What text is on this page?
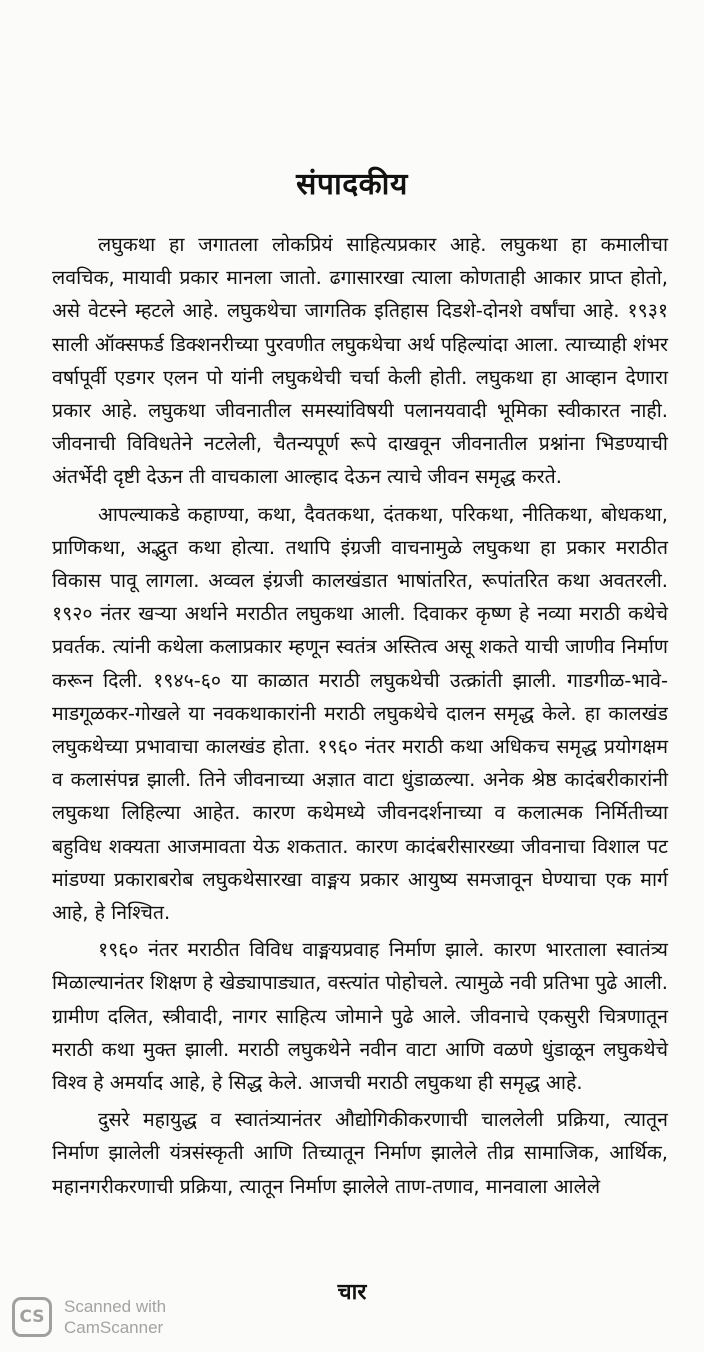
संपादकीय

लघुकथा हा जगातला लोकप्रियं साहित्यप्रकार आहे. लघुकथा हा कमालीचा लवचिक, मायावी प्रकार मानला जातो. ढगासारखा त्याला कोणताही आकार प्राप्त होतो, असे वेटस्ने म्हटले आहे. लघुकथेचा जागतिक इतिहास दिडशे-दोनशे वर्षांचा आहे. १९३१ साली ऑक्सफर्ड डिक्शनरीच्या पुरवणीत लघुकथेचा अर्थ पहिल्यांदा आला. त्याच्याही शंभर वर्षापूर्वी एडगर एलन पो यांनी लघुकथेची चर्चा केली होती. लघुकथा हा आव्हान देणारा प्रकार आहे. लघुकथा जीवनातील समस्यांविषयी पलानयवादी भूमिका स्वीकारत नाही. जीवनाची विविधतेने नटलेली, चैतन्यपूर्ण रूपे दाखवून जीवनातील प्रश्नांना भिडण्याची अंतर्भेदी दृष्टी देऊन ती वाचकाला आल्हाद देऊन त्याचे जीवन समृद्ध करते.

आपल्याकडे कहाण्या, कथा, दैवतकथा, दंतकथा, परिकथा, नीतिकथा, बोधकथा, प्राणिकथा, अद्भुत कथा होत्या. तथापि इंग्रजी वाचनामुळे लघुकथा हा प्रकार मराठीत विकास पावू लागला. अव्वल इंग्रजी कालखंडात भाषांतरित, रूपांतरित कथा अवतरली. १९२० नंतर खऱ्या अर्थाने मराठीत लघुकथा आली. दिवाकर कृष्ण हे नव्या मराठी कथेचे प्रवर्तक. त्यांनी कथेला कलाप्रकार म्हणून स्वतंत्र अस्तित्व असू शकते याची जाणीव निर्माण करून दिली. १९४५-६० या काळात मराठी लघुकथेची उत्क्रांती झाली. गाडगीळ-भावे-माडगूळकर-गोखले या नवकथाकारांनी मराठी लघुकथेचे दालन समृद्ध केले. हा कालखंड लघुकथेच्या प्रभावाचा कालखंड होता. १९६० नंतर मराठी कथा अधिकच समृद्ध प्रयोगक्षम व कलासंपन्न झाली. तिने जीवनाच्या अज्ञात वाटा धुंडाळल्या. अनेक श्रेष्ठ कादंबरीकारांनी लघुकथा लिहिल्या आहेत. कारण कथेमध्ये जीवनदर्शनाच्या व कलात्मक निर्मितीच्या बहुविध शक्यता आजमावता येऊ शकतात. कारण कादंबरीसारख्या जीवनाचा विशाल पट मांडण्या प्रकाराबरोब लघुकथेसारखा वाङ्मय प्रकार आयुष्य समजावून घेण्याचा एक मार्ग आहे, हे निश्चित.

१९६० नंतर मराठीत विविध वाङ्मयप्रवाह निर्माण झाले. कारण भारताला स्वातंत्र्य मिळाल्यानंतर शिक्षण हे खेड्यापाड्यात, वस्त्यांत पोहोचले. त्यामुळे नवी प्रतिभा पुढे आली. ग्रामीण दलित, स्त्रीवादी, नागर साहित्य जोमाने पुढे आले. जीवनाचे एकसुरी चित्रणातून मराठी कथा मुक्त झाली. मराठी लघुकथेने नवीन वाटा आणि वळणे धुंडाळून लघुकथेचे विश्व हे अमर्याद आहे, हे सिद्ध केले. आजची मराठी लघुकथा ही समृद्ध आहे.

दुसरे महायुद्ध व स्वातंत्र्यानंतर औद्योगिकीकरणाची चाललेली प्रक्रिया, त्यातून निर्माण झालेली यंत्रसंस्कृती आणि तिच्यातून निर्माण झालेले तीव्र सामाजिक, आर्थिक, महानगरीकरणाची प्रक्रिया, त्यातून निर्माण झालेले ताण-तणाव, मानवाला आलेले

चार
CS
Scanned with
CamScanner
